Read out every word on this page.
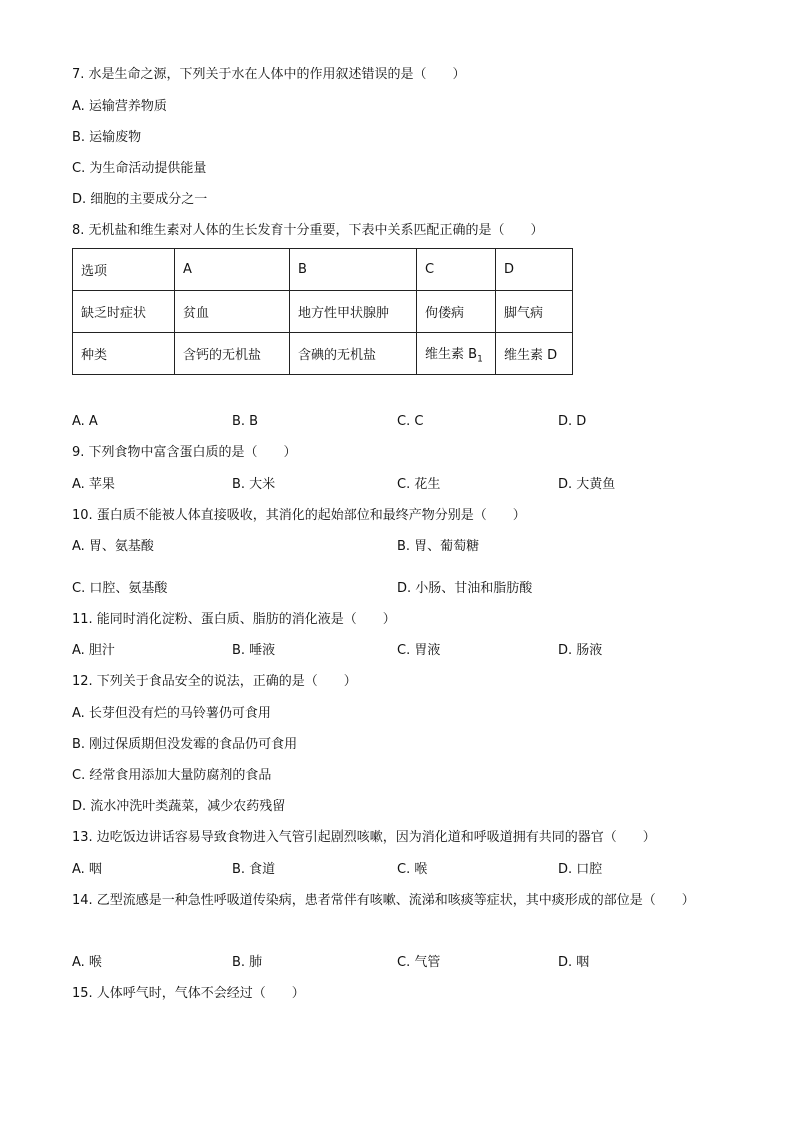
7. 水是生命之源，下列关于水在人体中的作用叙述错误的是（　　）
A. 运输营养物质
B. 运输废物
C. 为生命活动提供能量
D. 细胞的主要成分之一
8. 无机盐和维生素对人体的生长发育十分重要，下表中关系匹配正确的是（　　）
选项	A	B	C	D
缺乏时症状	贫血	地方性甲状腺肿	佝偻病	脚气病
种类	含钙的无机盐	含碘的无机盐	维生素 $B_1$	维生素 D
A. A	B. B	C. C	D. D
9. 下列食物中富含蛋白质的是（　　）
A. 苹果	B. 大米	C. 花生	D. 大黄鱼
10. 蛋白质不能被人体直接吸收，其消化的起始部位和最终产物分别是（　　）
A. 胃、氨基酸	B. 胃、葡萄糖
C. 口腔、氨基酸	D. 小肠、甘油和脂肪酸
11. 能同时消化淀粉、蛋白质、脂肪的消化液是（　　）
A. 胆汁	B. 唾液	C. 胃液	D. 肠液
12. 下列关于食品安全的说法，正确的是（　　）
A. 长芽但没有烂的马铃薯仍可食用
B. 刚过保质期但没发霉的食品仍可食用
C. 经常食用添加大量防腐剂的食品
D. 流水冲洗叶类蔬菜，减少农药残留
13. 边吃饭边讲话容易导致食物进入气管引起剧烈咳嗽，因为消化道和呼吸道拥有共同的器官（　　）
A. 咽	B. 食道	C. 喉	D. 口腔
14. 乙型流感是一种急性呼吸道传染病，患者常伴有咳嗽、流涕和咳痰等症状，其中痰形成的部位是（　　）
A. 喉	B. 肺	C. 气管	D. 咽
15. 人体呼气时，气体不会经过（　　）
